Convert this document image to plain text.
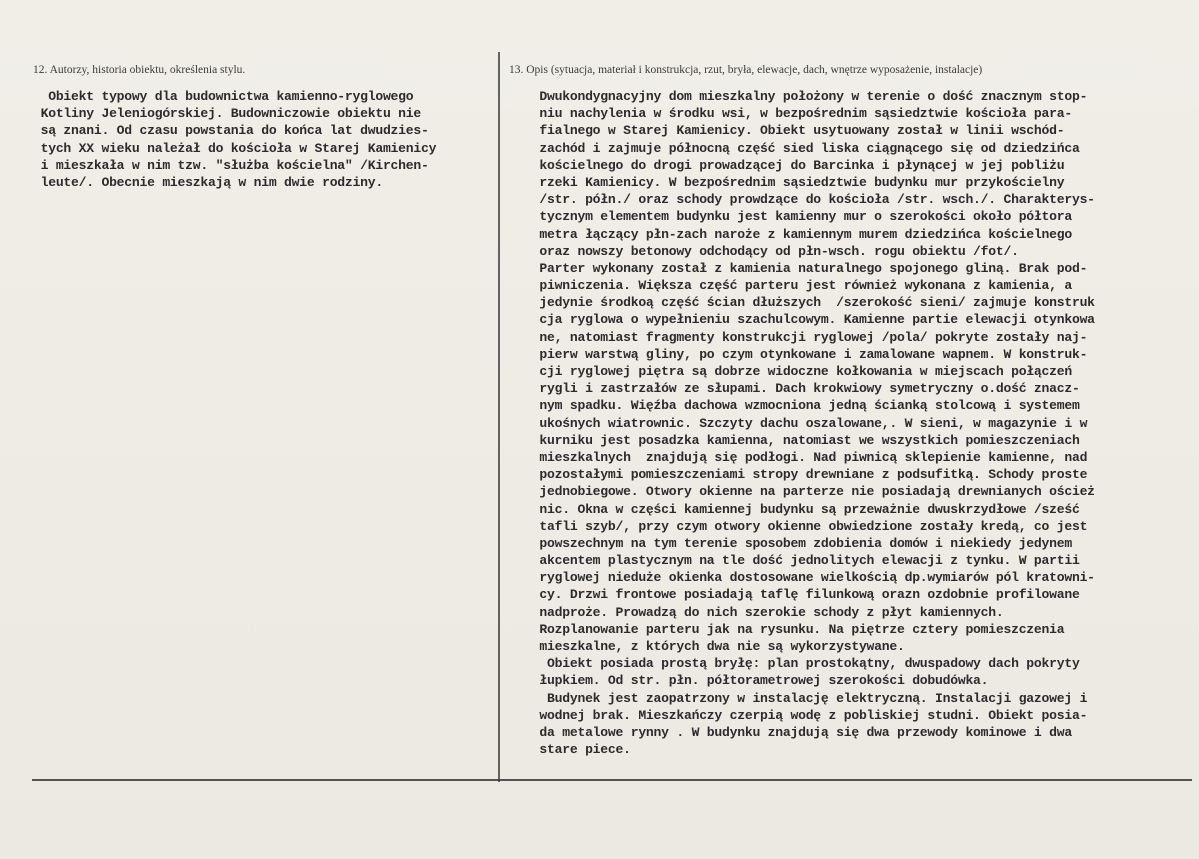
12. Autorzy, historia obiektu, określenia stylu.
Obiekt typowy dla budownictwa kamienno-ryglowego
Kotliny Jeleniogórskiej. Budowniczowie obiektu nie
są znani. Od czasu powstania do końca lat dwudzies-
tych XX wieku należał do kościoła w Starej Kamienicy
i mieszkała w nim tzw. "służba kościelna" /Kirchen-
leute/. Obecnie mieszkają w nim dwie rodziny.
13. Opis (sytuacja, materiał i konstrukcja, rzut, bryła, elewacje, dach, wnętrze wyposażenie, instalacje)
Dwukondygnacyjny dom mieszkalny położony w terenie o dość znacznym stop-
niu nachylenia w środku wsi, w bezpośrednim sąsiedztwie kościoła para-
fialnego w Starej Kamienicy. Obiekt usytuowany został w linii wschód-
zachód i zajmuje północną część sied liska ciągnącego się od dziedzińca
kościelnego do drogi prowadzącej do Barcinka i płynącej w jej pobliżu
rzeki Kamienicy. W bezpośrednim sąsiedztwie budynku mur przykościelny
/str. półn./ oraz schody prowdzące do kościoła /str. wsch./. Charakterys-
tycznym elementem budynku jest kamienny mur o szerokości około półtora
metra łączący płn-zach naroże z kamiennym murem dziedzińca kościelnego
oraz nowszy betonowy odchodący od płn-wsch. rogu obiektu /fot/.
Parter wykonany został z kamienia naturalnego spojonego gliną. Brak pod-
piwniczenia. Większa część parteru jest również wykonana z kamienia, a
jedynie środkoą część ścian dłuższych  /szerokość sieni/ zajmuje konstruk
cja ryglowa o wypełnieniu szachulcowym. Kamienne partie elewacji otynkowa
ne, natomiast fragmenty konstrukcji ryglowej /pola/ pokryte zostały naj-
pierw warstwą gliny, po czym otynkowane i zamalowane wapnem. W konstruk-
cji ryglowej piętra są dobrze widoczne kołkowania w miejscach połączeń
rygli i zastrzałów ze słupami. Dach krokwiowy symetryczny o.dość znacz-
nym spadku. Więźba dachowa wzmocniona jedną ścianką stolcową i systemem
ukośnych wiatrownic. Szczyty dachu oszalowane,. W sieni, w magazynie i w
kurniku jest posadzka kamienna, natomiast we wszystkich pomieszczeniach
mieszkalnych  znajdują się podłogi. Nad piwnicą sklepienie kamienne, nad
pozostałymi pomieszczeniami stropy drewniane z podsufitką. Schody proste
jednobiegowe. Otwory okienne na parterze nie posiadają drewnianych oścież
nic. Okna w części kamiennej budynku są przeważnie dwuskrzydłowe /sześć
tafli szyb/, przy czym otwory okienne obwiedzione zostały kredą, co jest
powszechnym na tym terenie sposobem zdobienia domów i niekiedy jedynem
akcentem plastycznym na tle dość jednolitych elewacji z tynku. W partii
ryglowej nieduże okienka dostosowane wielkością dp.wymiarów pól kratowni-
cy. Drzwi frontowe posiadają taflę filunkową orazn ozdobnie profilowane
nadproże. Prowadzą do nich szerokie schody z płyt kamiennych.
Rozplanowanie parteru jak na rysunku. Na piętrze cztery pomieszczenia
mieszkalne, z których dwa nie są wykorzystywane.
Obiekt posiada prostą bryłę: plan prostokątny, dwuspadowy dach pokryty
łupkiem. Od str. płn. półtorametrowej szerokości dobudówka.
Budynek jest zaopatrzony w instalację elektryczną. Instalacji gazowej i
wodnej brak. Mieszkańczy czerpią wodę z pobliskiej studni. Obiekt posia-
da metalowe rynny . W budynku znajdują się dwa przewody kominowe i dwa
stare piece.
